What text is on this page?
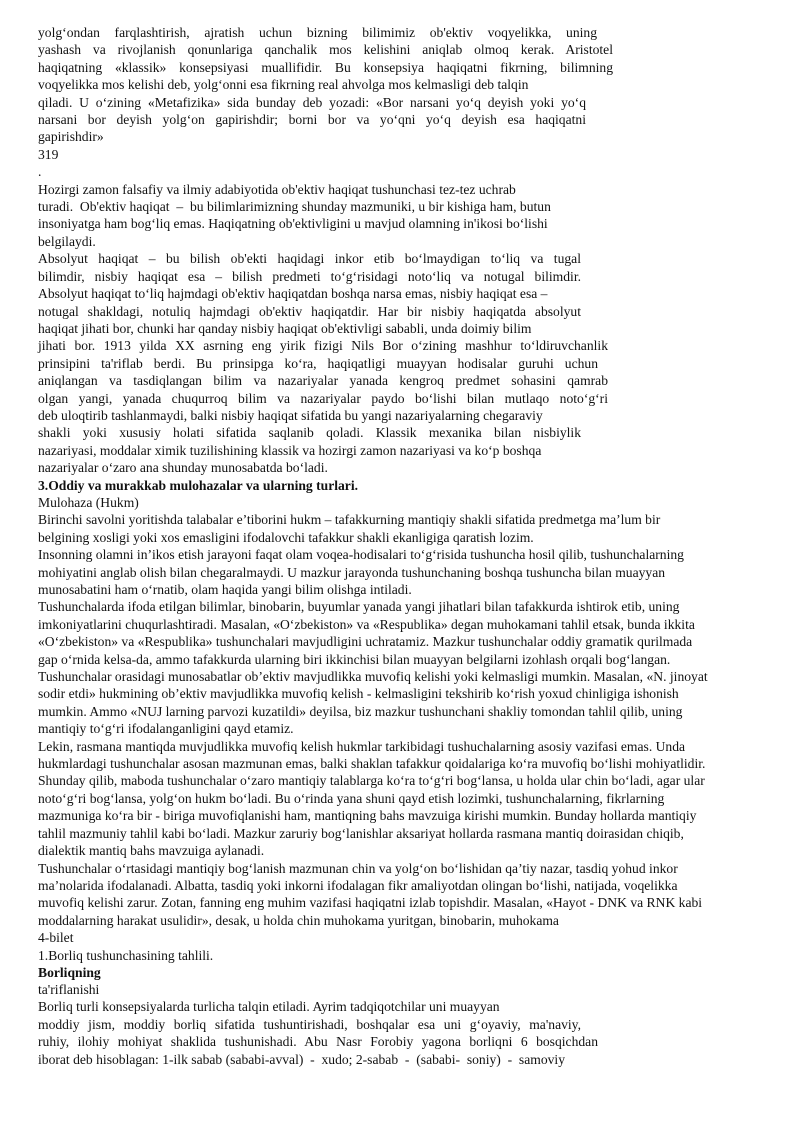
yolg‘ondan farqlashtirish, ajratish uchun bizning bilimimiz ob'ektiv voqyelikka, uning
yashash va rivojlanish qonunlariga qanchalik mos kelishini aniqlab olmoq kerak. Aristotel
haqiqatning «klassik» konsepsiyasi muallifidir. Bu konsepsiya haqiqatni fikrning, bilimning
voqyelikka mos kelishi deb, yolg‘onni esa fikrning real ahvolga mos kelmasligi deb talqin
qiladi. U o‘zining «Metafizika» sida bunday deb yozadi: «Bor narsani yo‘q deyish yoki yo‘q
narsani bor deyish yolg‘on gapirishdir; borni bor va yo‘qni yo‘q deyish esa haqiqatni
gapirishdir»
319
.
Hozirgi zamon falsafiy va ilmiy adabiyotida ob'ektiv haqiqat tushunchasi tez-tez uchrab
turadi.  Ob'ektiv haqiqat  –  bu bilimlarimizning shunday mazmuniki, u bir kishiga ham, butun
insoniyatga ham bog‘liq emas. Haqiqatning ob'ektivligini u mavjud olamning in'ikosi bo‘lishi
belgilaydi.
Absolyut haqiqat – bu bilish ob'ekti haqidagi inkor etib bo‘lmaydigan to‘liq va tugal
bilimdir, nisbiy haqiqat esa – bilish predmeti to‘g‘risidagi noto‘liq va notugal bilimdir.
Absolyut haqiqat to‘liq hajmdagi ob'ektiv haqiqatdan boshqa narsa emas, nisbiy haqiqat esa –
notugal shakldagi, notuliq hajmdagi ob'ektiv haqiqatdir. Har bir nisbiy haqiqatda absolyut
haqiqat jihati bor, chunki har qanday nisbiy haqiqat ob'ektivligi sababli, unda doimiy bilim
jihati bor. 1913 yilda XX asrning eng yirik fizigi Nils Bor o‘zining mashhur to‘ldiruvchanlik
prinsipini ta'riflab berdi. Bu prinsipga ko‘ra, haqiqatligi muayyan hodisalar guruhi uchun
aniqlangan va tasdiqlangan bilim va nazariyalar yanada kengroq predmet sohasini qamrab
olgan yangi, yanada chuqurroq bilim va nazariyalar paydo bo‘lishi bilan mutlaqo noto‘g‘ri
deb uloqtirib tashlanmaydi, balki nisbiy haqiqat sifatida bu yangi nazariyalarning chegaraviy
shakli yoki xususiy holati sifatida saqlanib qoladi. Klassik mexanika bilan nisbiylik
nazariyasi, moddalar ximik tuzilishining klassik va hozirgi zamon nazariyasi va ko‘p boshqa
nazariyalar o‘zaro ana shunday munosabatda bo‘ladi.
3.Oddiy va murakkab mulohazalar va ularning turlari.
Mulohaza (Hukm)
Birinchi savolni yoritishda talabalar e’tiborini hukm – tafakkurning mantiqiy shakli sifatida predmetga ma’lum bir
belgining xosligi yoki xos emasligini ifodalovchi tafakkur shakli ekanligiga qaratish lozim.
Insonning olamni in’ikos etish jarayoni faqat olam voqea-hodisalari to‘g‘risida tushuncha hosil qilib, tushunchalarning
mohiyatini anglab olish bilan chegaralmaydi. U mazkur jarayonda tushunchaning boshqa tushuncha bilan muayyan
munosabatini ham o‘rnatib, olam haqida yangi bilim olishga intiladi.
Tushunchalarda ifoda etilgan bilimlar, binobarin, buyumlar yanada yangi jihatlari bilan tafakkurda ishtirok etib, uning
imkoniyatlarini chuqurlashtiradi. Masalan, «O‘zbekiston» va «Respublika» degan muhokamani tahlil etsak, bunda ikkita
«O‘zbekiston» va «Respublika» tushunchalari mavjudligini uchratamiz. Mazkur tushunchalar oddiy gramatik qurilmada
gap o‘rnida kelsa-da, ammo tafakkurda ularning biri ikkinchisi bilan muayyan belgilarni izohlash orqali bog‘langan.
Tushunchalar orasidagi munosabatlar ob’ektiv mavjudlikka muvofiq kelishi yoki kelmasligi mumkin. Masalan, «N. jinoyat
sodir etdi» hukmining ob’ektiv mavjudlikka muvofiq kelish - kelmasligini tekshirib ko‘rish yoxud chinligiga ishonish
mumkin. Ammo «NUJ larning parvozi kuzatildi» deyilsa, biz mazkur tushunchani shakliy tomondan tahlil qilib, uning
mantiqiy to‘g‘ri ifodalanganligini qayd etamiz.
Lekin, rasmana mantiqda muvjudlikka muvofiq kelish hukmlar tarkibidagi tushuchalarning asosiy vazifasi emas. Unda
hukmlardagi tushunchalar asosan mazmunan emas, balki shaklan tafakkur qoidalariga ko‘ra muvofiq bo‘lishi mohiyatlidir.
Shunday qilib, maboda tushunchalar o‘zaro mantiqiy talablarga ko‘ra to‘g‘ri bog‘lansa, u holda ular chin bo‘ladi, agar ular
noto‘g‘ri bog‘lansa, yolg‘on hukm bo‘ladi. Bu o‘rinda yana shuni qayd etish lozimki, tushunchalarning, fikrlarning
mazmuniga ko‘ra bir - biriga muvofiqlanishi ham, mantiqning bahs mavzuiga kirishi mumkin. Bunday hollarda mantiqiy
tahlil mazmuniy tahlil kabi bo‘ladi. Mazkur zaruriy bog‘lanishlar aksariyat hollarda rasmana mantiq doirasidan chiqib,
dialektik mantiq bahs mavzuiga aylanadi.
Tushunchalar o‘rtasidagi mantiqiy bog‘lanish mazmunan chin va yolg‘on bo‘lishidan qa’tiy nazar, tasdiq yohud inkor
ma’nolarida ifodalanadi. Albatta, tasdiq yoki inkorni ifodalagan fikr amaliyotdan olingan bo‘lishi, natijada, voqelikka
muvofiq kelishi zarur. Zotan, fanning eng muhim vazifasi haqiqatni izlab topishdir. Masalan, «Hayot - DNK va RNK kabi
moddalarning harakat usulidir», desak, u holda chin muhokama yuritgan, binobarin, muhokama
4-bilet
1.Borliq tushunchasining tahlili.
Borliqning
ta'riflanishi
Borliq turli konsepsiyalarda turlicha talqin etiladi. Ayrim tadqiqotchilar uni muayyan
moddiy jism, moddiy borliq sifatida tushuntirishadi, boshqalar esa uni g‘oyaviy, ma'naviy,
ruhiy, ilohiy mohiyat shaklida tushunishadi. Abu Nasr Forobiy yagona borliqni 6 bosqichdan
iborat deb hisoblagan: 1-ilk sabab (sababi-avval)  -  xudo; 2-sabab  -  (sababi-  soniy)  -  samoviy
